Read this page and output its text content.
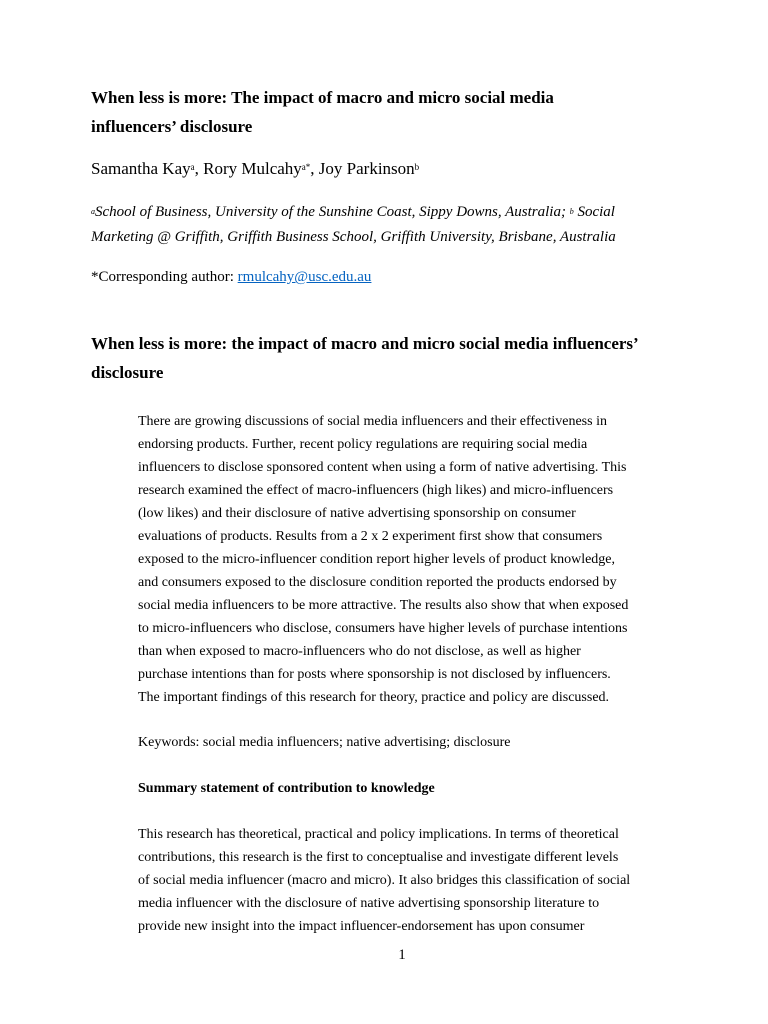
When less is more: The impact of macro and micro social media
influencers’ disclosure
Samantha Kay$^a$, Rory Mulcahy$^{a*}$, Joy Parkinson$^b$
$^a$School of Business, University of the Sunshine Coast, Sippy Downs, Australia; $^b$ Social
Marketing @ Griffith, Griffith Business School, Griffith University, Brisbane, Australia
*Corresponding author: rmulcahy@usc.edu.au
When less is more: the impact of macro and micro social media influencers’
disclosure
There are growing discussions of social media influencers and their effectiveness in
endorsing products. Further, recent policy regulations are requiring social media
influencers to disclose sponsored content when using a form of native advertising. This
research examined the effect of macro-influencers (high likes) and micro-influencers
(low likes) and their disclosure of native advertising sponsorship on consumer
evaluations of products. Results from a 2 x 2 experiment first show that consumers
exposed to the micro-influencer condition report higher levels of product knowledge,
and consumers exposed to the disclosure condition reported the products endorsed by
social media influencers to be more attractive. The results also show that when exposed
to micro-influencers who disclose, consumers have higher levels of purchase intentions
than when exposed to macro-influencers who do not disclose, as well as higher
purchase intentions than for posts where sponsorship is not disclosed by influencers.
The important findings of this research for theory, practice and policy are discussed.
Keywords: social media influencers; native advertising; disclosure
Summary statement of contribution to knowledge
This research has theoretical, practical and policy implications. In terms of theoretical
contributions, this research is the first to conceptualise and investigate different levels
of social media influencer (macro and micro). It also bridges this classification of social
media influencer with the disclosure of native advertising sponsorship literature to
provide new insight into the impact influencer-endorsement has upon consumer
1
